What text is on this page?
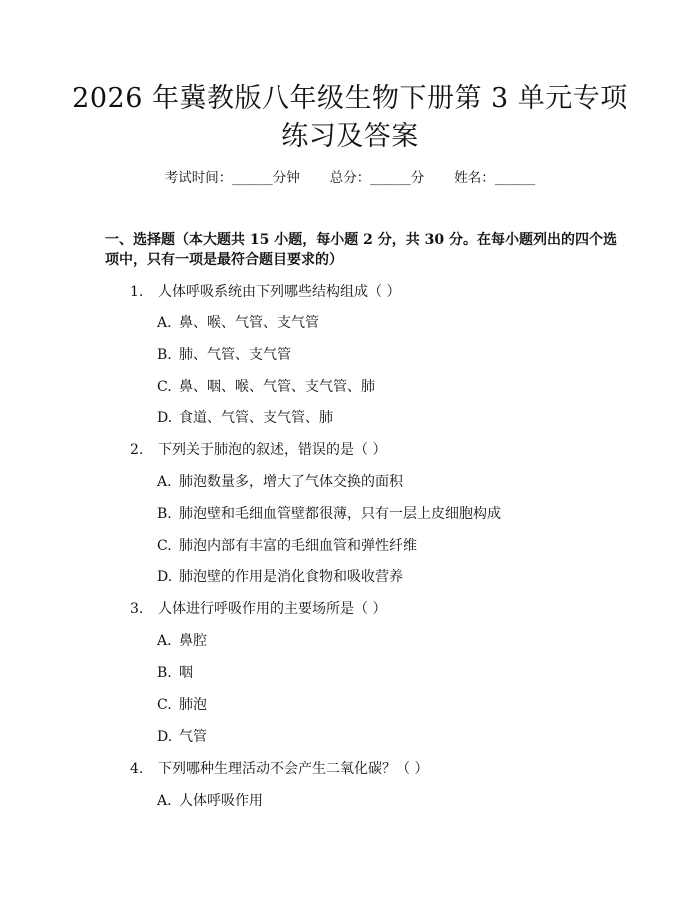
2026 年冀教版八年级生物下册第 3 单元专项
练习及答案
考试时间：______分钟 总分：______分 姓名：______
一、选择题（本大题共 15 小题，每小题 2 分，共 30 分。在每小题列出的四个选项中，只有一项是最符合题目要求的）
1. 人体呼吸系统由下列哪些结构组成（ ）
A. 鼻、喉、气管、支气管
B. 肺、气管、支气管
C. 鼻、咽、喉、气管、支气管、肺
D. 食道、气管、支气管、肺
2. 下列关于肺泡的叙述，错误的是（ ）
A. 肺泡数量多，增大了气体交换的面积
B. 肺泡壁和毛细血管壁都很薄，只有一层上皮细胞构成
C. 肺泡内部有丰富的毛细血管和弹性纤维
D. 肺泡壁的作用是消化食物和吸收营养
3. 人体进行呼吸作用的主要场所是（ ）
A. 鼻腔
B. 咽
C. 肺泡
D. 气管
4. 下列哪种生理活动不会产生二氧化碳？（ ）
A. 人体呼吸作用
